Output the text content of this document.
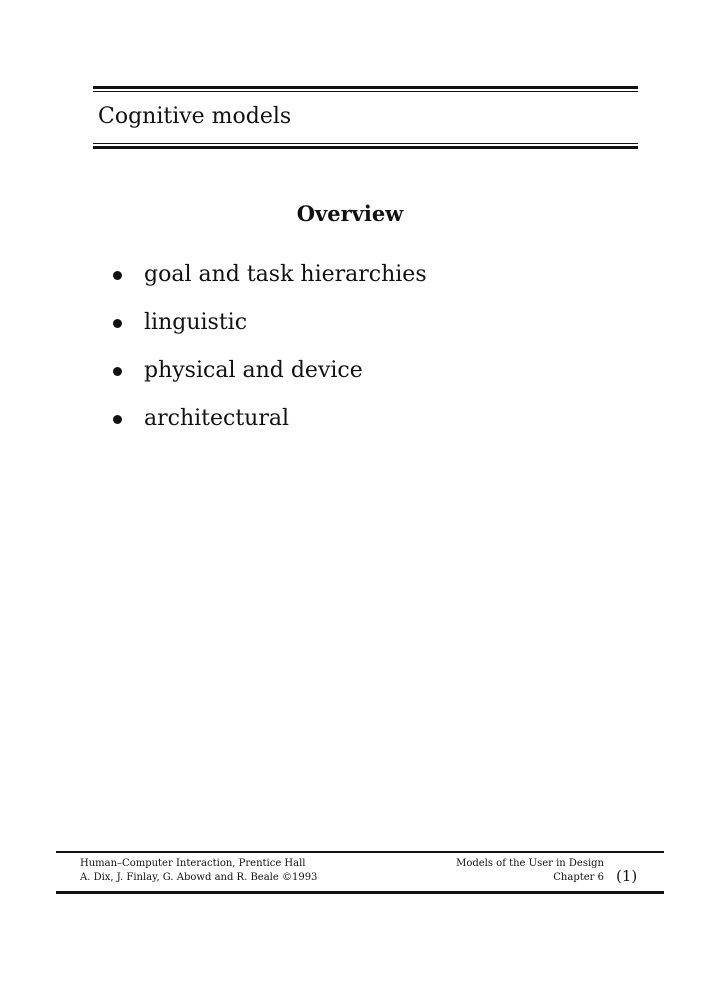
Cognitive models
Overview
goal and task hierarchies
linguistic
physical and device
architectural
Human–Computer Interaction, Prentice Hall
A. Dix, J. Finlay, G. Abowd and R. Beale ©1993
Models of the User in Design
Chapter 6 (1)
